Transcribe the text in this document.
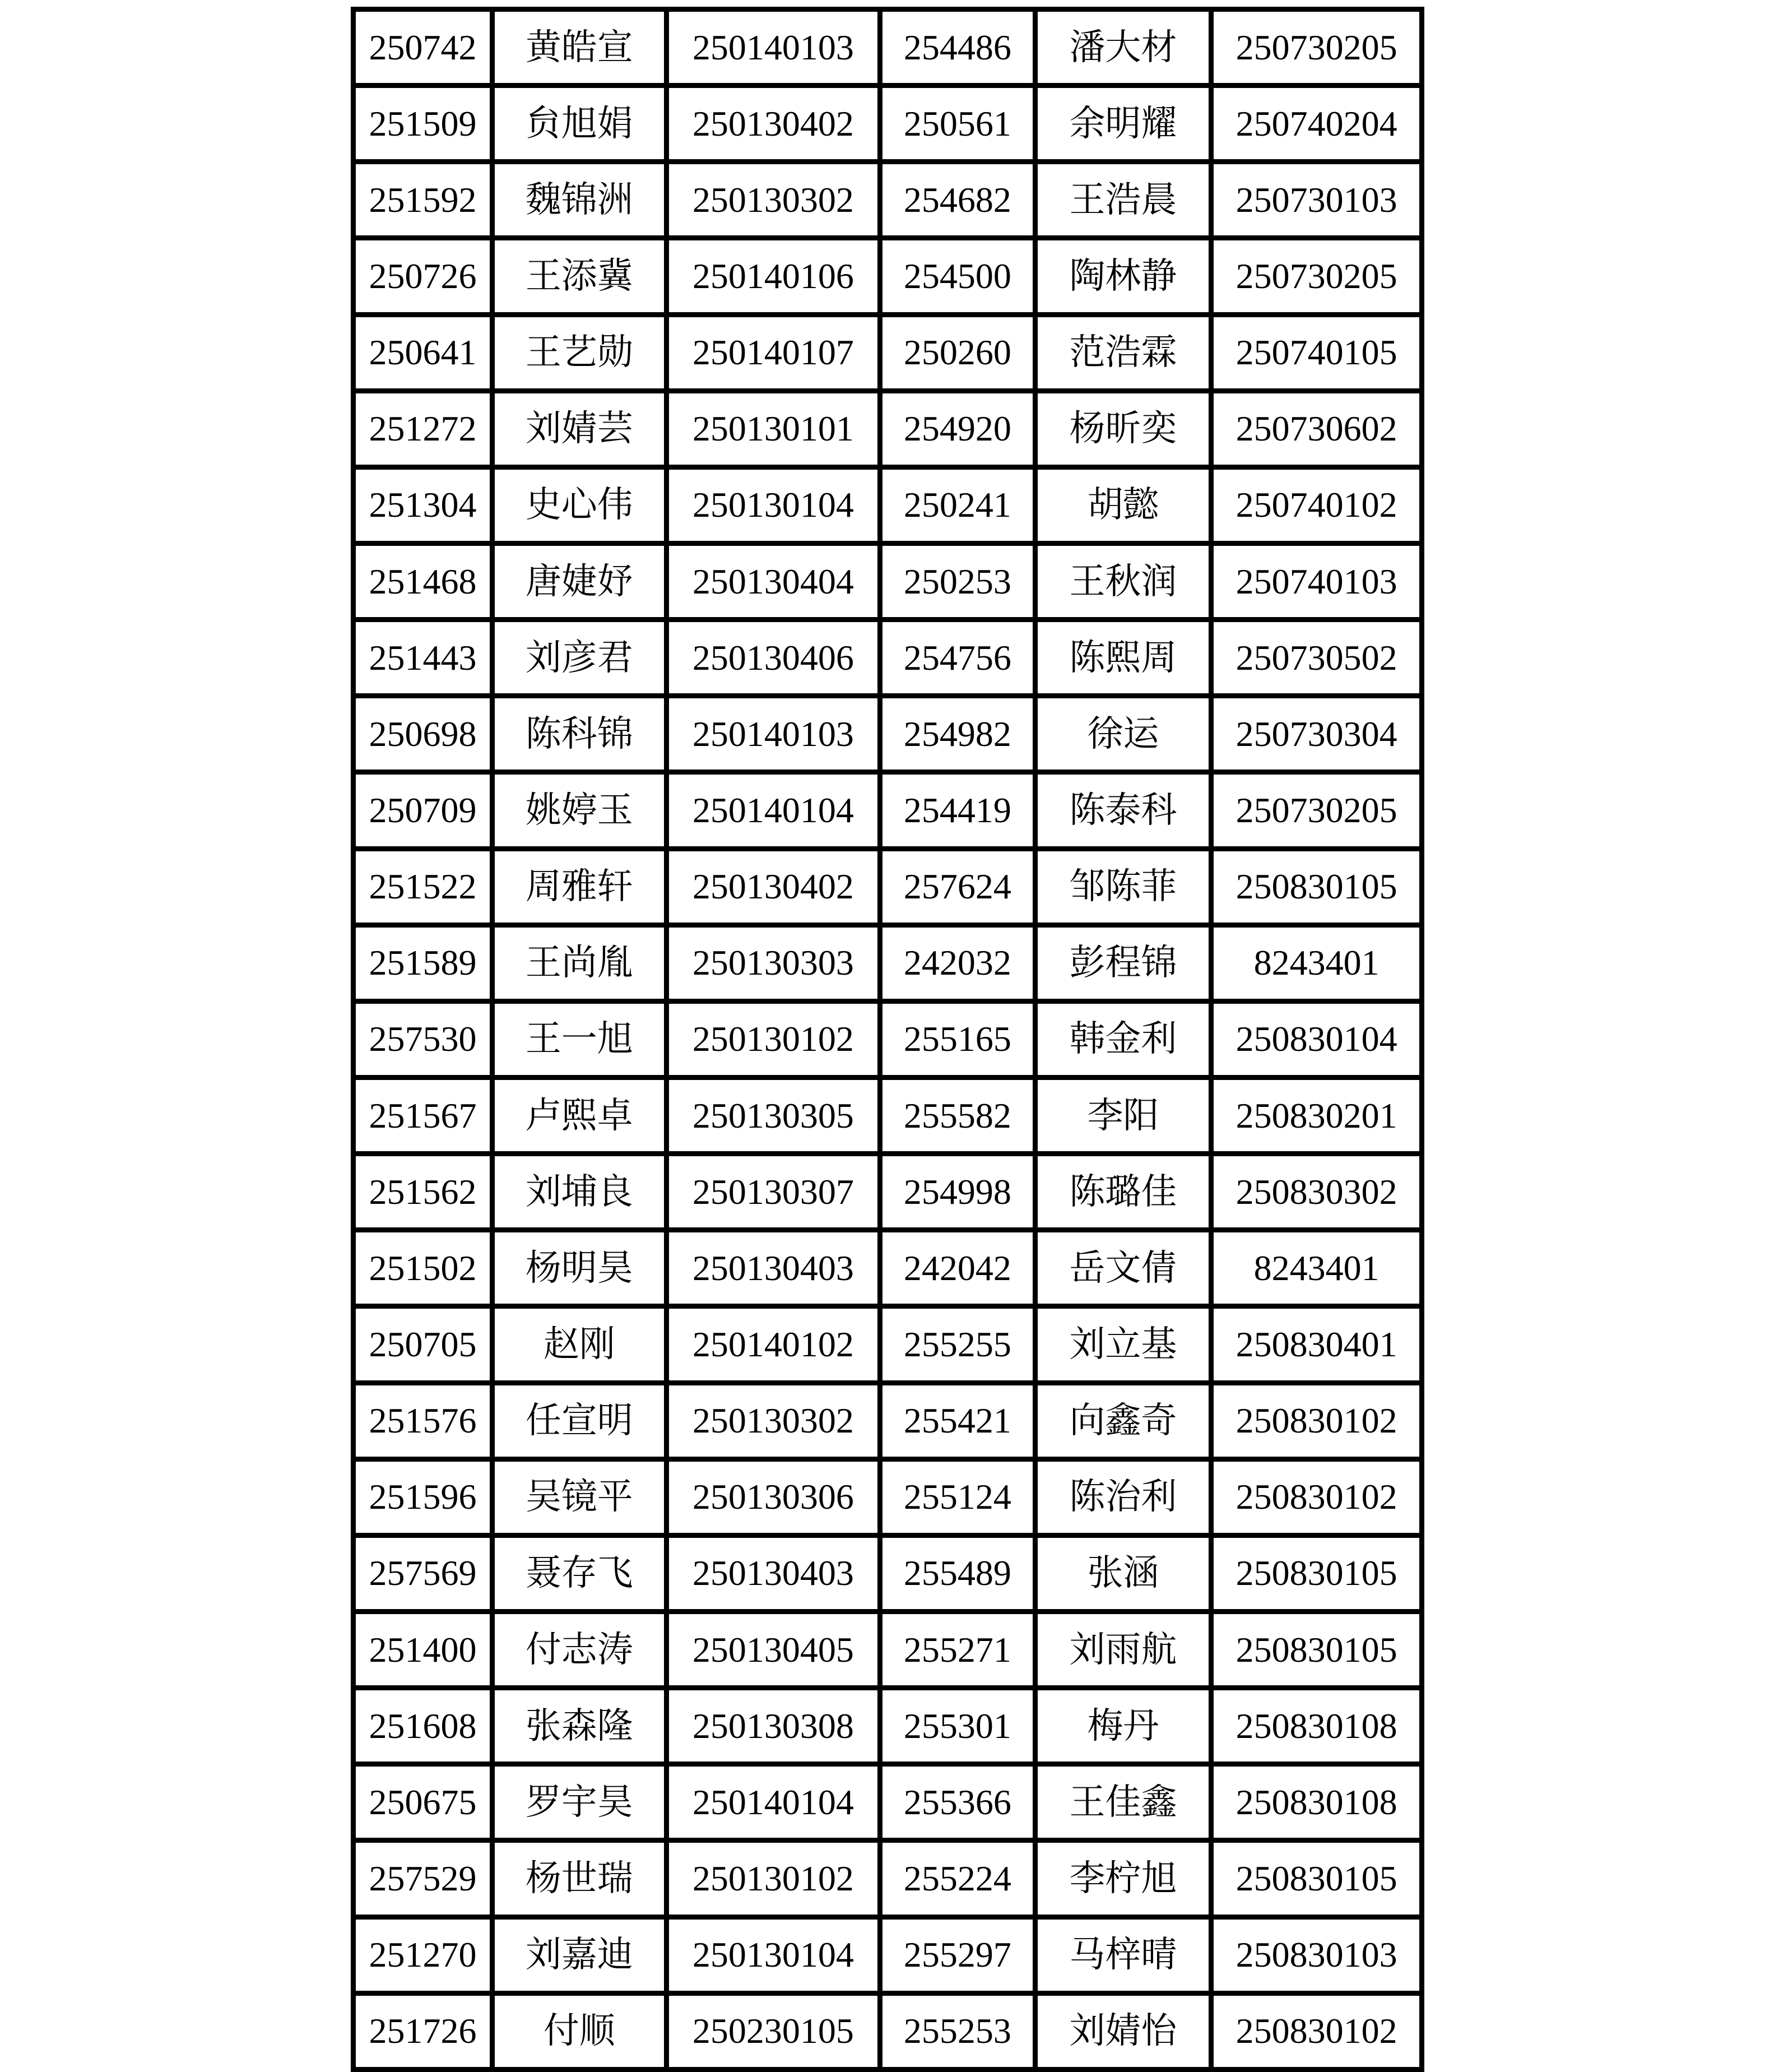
250742	黄皓宣	250140103	254486	潘大材	250730205
251509	贠旭娟	250130402	250561	余明耀	250740204
251592	魏锦洲	250130302	254682	王浩晨	250730103
250726	王添冀	250140106	254500	陶林静	250730205
250641	王艺勋	250140107	250260	范浩霖	250740105
251272	刘婧芸	250130101	254920	杨昕奕	250730602
251304	史心伟	250130104	250241	胡懿	250740102
251468	唐婕妤	250130404	250253	王秋润	250740103
251443	刘彦君	250130406	254756	陈熙周	250730502
250698	陈科锦	250140103	254982	徐运	250730304
250709	姚婷玉	250140104	254419	陈泰科	250730205
251522	周雅轩	250130402	257624	邹陈菲	250830105
251589	王尚胤	250130303	242032	彭程锦	8243401
257530	王一旭	250130102	255165	韩金利	250830104
251567	卢熙卓	250130305	255582	李阳	250830201
251562	刘埔良	250130307	254998	陈璐佳	250830302
251502	杨明昊	250130403	242042	岳文倩	8243401
250705	赵刚	250140102	255255	刘立基	250830401
251576	任宣明	250130302	255421	向鑫奇	250830102
251596	吴镜平	250130306	255124	陈治利	250830102
257569	聂存飞	250130403	255489	张涵	250830105
251400	付志涛	250130405	255271	刘雨航	250830105
251608	张森隆	250130308	255301	梅丹	250830108
250675	罗宇昊	250140104	255366	王佳鑫	250830108
257529	杨世瑞	250130102	255224	李柠旭	250830105
251270	刘嘉迪	250130104	255297	马梓晴	250830103
251726	付顺	250230105	255253	刘婧怡	250830102
